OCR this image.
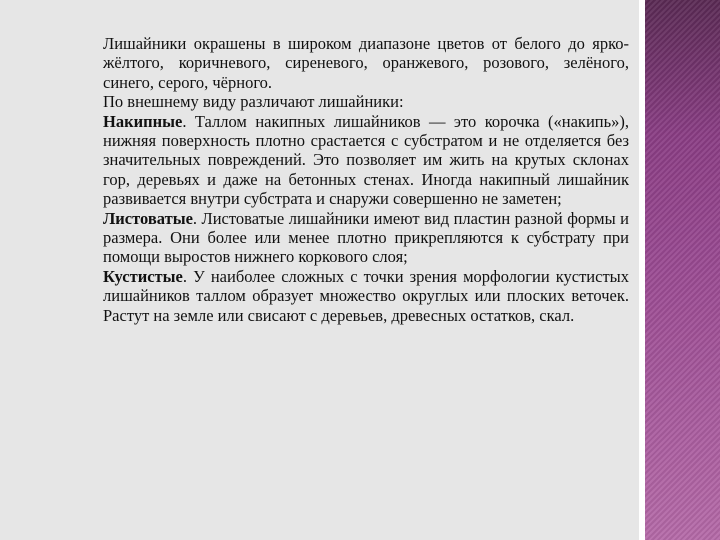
Лишайники окрашены в широком диапазоне цветов от белого до ярко-жёлтого, коричневого, сиреневого, оранжевого, розового, зелёного, синего, серого, чёрного.

По внешнему виду различают лишайники:

Накипные. Таллом накипных лишайников — это корочка («накипь»), нижняя поверхность плотно срастается с субстратом и не отделяется без значительных повреждений. Это позволяет им жить на крутых склонах гор, деревьях и даже на бетонных стенах. Иногда накипный лишайник развивается внутри субстрата и снаружи совершенно не заметен;

Листоватые. Листоватые лишайники имеют вид пластин разной формы и размера. Они более или менее плотно прикрепляются к субстрату при помощи выростов нижнего коркового слоя;

Кустистые. У наиболее сложных с точки зрения морфологии кустистых лишайников таллом образует множество округлых или плоских веточек. Растут на земле или свисают с деревьев, древесных остатков, скал.
